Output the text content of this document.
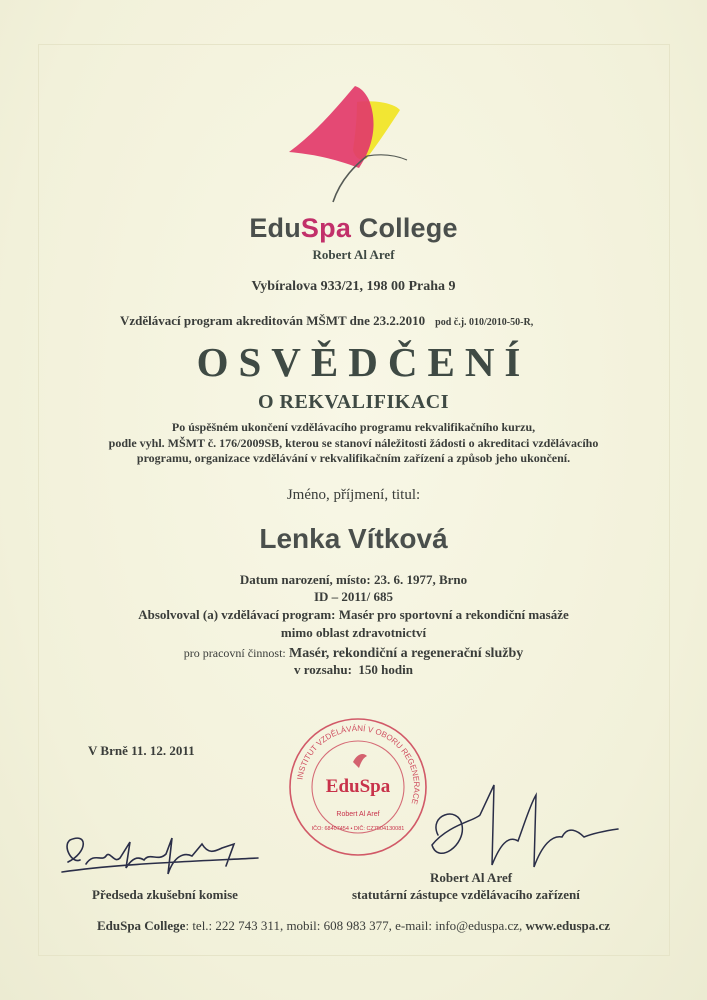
EduSpa College
Robert Al Aref
Vybíralova 933/21, 198 00 Praha 9
Vzdělávací program akreditován MŠMT dne 23.2.2010 pod č.j. 010/2010-50-R,
OSVĚDČENÍ
O REKVALIFIKACI
Po úspěšném ukončení vzdělávacího programu rekvalifikačního kurzu,
podle vyhl. MŠMT č. 176/2009SB, kterou se stanoví náležitosti žádosti o akreditaci vzdělávacího
programu, organizace vzdělávání v rekvalifikačním zařízení a způsob jeho ukončení.
Jméno, příjmení, titul:
Lenka Vítková
Datum narození, místo: 23. 6. 1977, Brno
ID – 2011/ 685
Absolvoval (a) vzdělávací program: Masér pro sportovní a rekondiční masáže
mimo oblast zdravotnictví
pro pracovní činnost: Masér, rekondiční a regenerační služby
v rozsahu: 150 hodin
V Brně 11. 12. 2011
INSTITUT VZDĚLÁVÁNÍ V OBORU REGENERACE
EduSpa
Robert Al Aref
IČO: 68407454 • DIČ: CZ7504130081
Robert Al Aref
Předseda zkušební komise	statutární zástupce vzdělávacího zařízení
EduSpa College: tel.: 222 743 311, mobil: 608 983 377, e-mail: info@eduspa.cz, www.eduspa.cz
